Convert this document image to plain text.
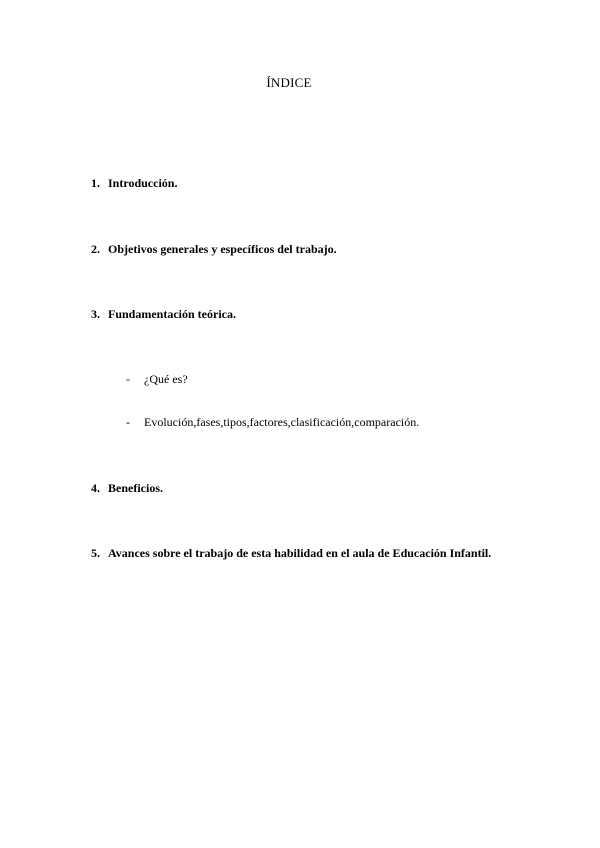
ÍNDICE
1. Introducción.
2. Objetivos generales y específicos del trabajo.
3. Fundamentación teórica.
- ¿Qué es?
- Evolución,fases,tipos,factores,clasificación,comparación.
4. Beneficios.
5. Avances sobre el trabajo de esta habilidad en el aula de Educación Infantil.
